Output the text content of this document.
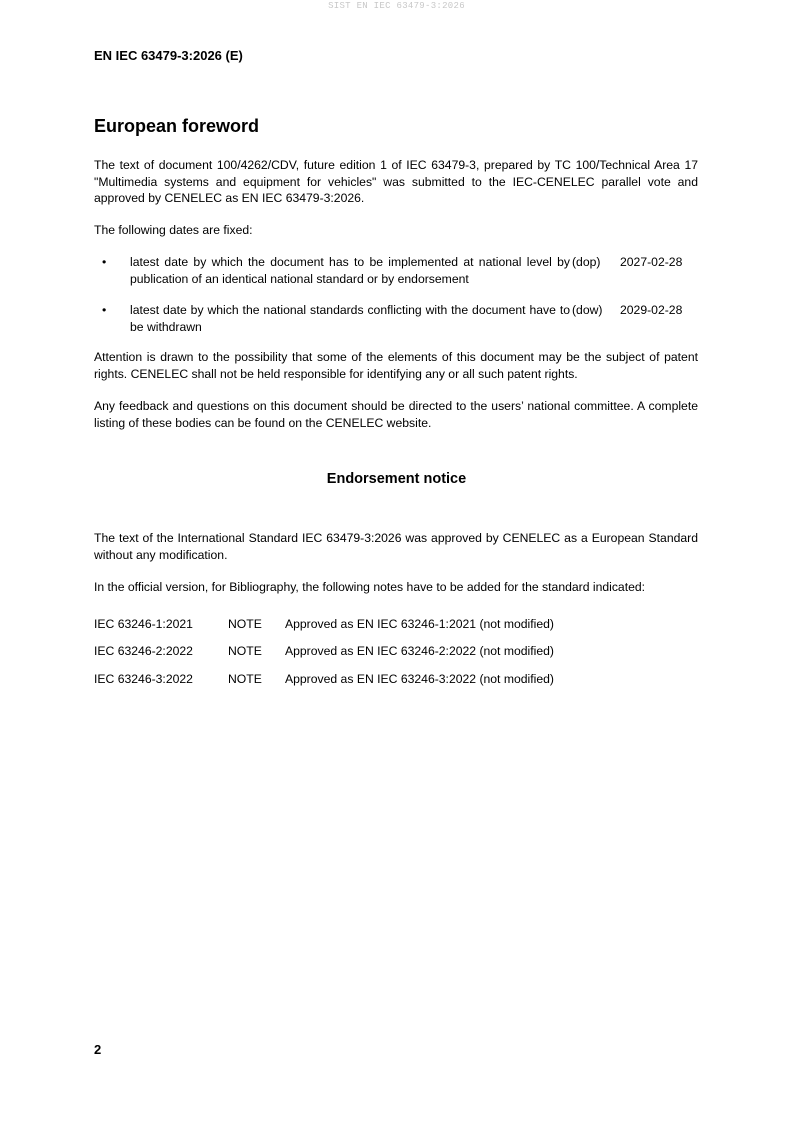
SIST EN IEC 63479-3:2026
EN IEC 63479-3:2026 (E)
European foreword
The text of document 100/4262/CDV, future edition 1 of IEC 63479-3, prepared by TC 100/Technical Area 17 "Multimedia systems and equipment for vehicles" was submitted to the IEC-CENELEC parallel vote and approved by CENELEC as EN IEC 63479-3:2026.
The following dates are fixed:
• latest date by which the document has to be implemented at national level by publication of an identical national standard or by endorsement
(dop) 2027-02-28
• latest date by which the national standards conflicting with the document have to be withdrawn
(dow) 2029-02-28
Attention is drawn to the possibility that some of the elements of this document may be the subject of patent rights. CENELEC shall not be held responsible for identifying any or all such patent rights.
Any feedback and questions on this document should be directed to the users’ national committee. A complete listing of these bodies can be found on the CENELEC website.
Endorsement notice
The text of the International Standard IEC 63479-3:2026 was approved by CENELEC as a European Standard without any modification.
In the official version, for Bibliography, the following notes have to be added for the standard indicated:
IEC 63246-1:2021	NOTE Approved as EN IEC 63246-1:2021 (not modified)
IEC 63246-2:2022	NOTE Approved as EN IEC 63246-2:2022 (not modified)
IEC 63246-3:2022	NOTE Approved as EN IEC 63246-3:2022 (not modified)
2
